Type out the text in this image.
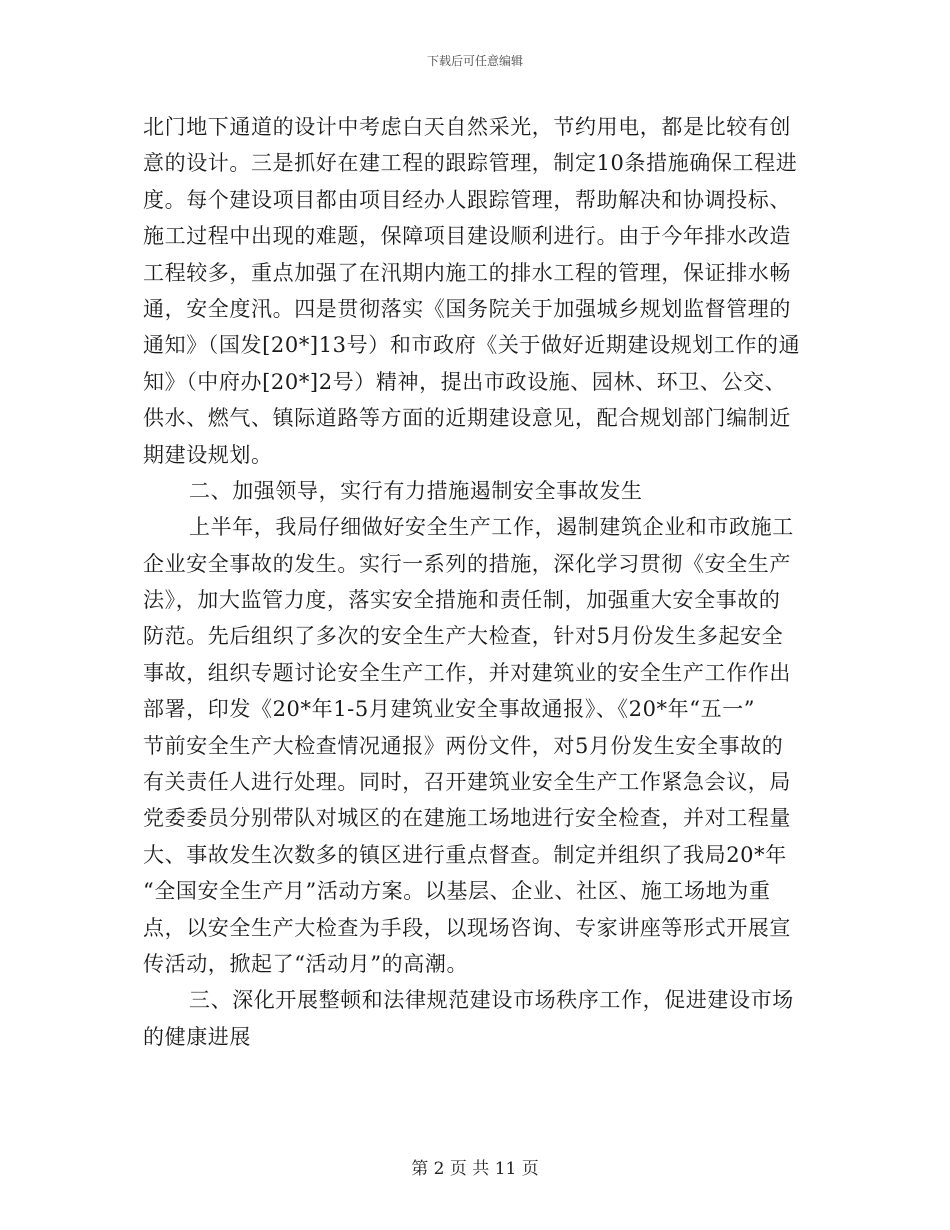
下载后可任意编辑
北门地下通道的设计中考虑白天自然采光，节约用电，都是比较有创
意的设计。三是抓好在建工程的跟踪管理，制定10条措施确保工程进
度。每个建设项目都由项目经办人跟踪管理，帮助解决和协调投标、
施工过程中出现的难题，保障项目建设顺利进行。由于今年排水改造
工程较多，重点加强了在汛期内施工的排水工程的管理，保证排水畅
通，安全度汛。四是贯彻落实《国务院关于加强城乡规划监督管理的
通知》（国发[20*]13号）和市政府《关于做好近期建设规划工作的通
知》（中府办[20*]2号）精神，提出市政设施、园林、环卫、公交、
供水、燃气、镇际道路等方面的近期建设意见，配合规划部门编制近
期建设规划。
二、加强领导，实行有力措施遏制安全事故发生
上半年，我局仔细做好安全生产工作，遏制建筑企业和市政施工
企业安全事故的发生。实行一系列的措施，深化学习贯彻《安全生产
法》，加大监管力度，落实安全措施和责任制，加强重大安全事故的
防范。先后组织了多次的安全生产大检查，针对5月份发生多起安全
事故，组织专题讨论安全生产工作，并对建筑业的安全生产工作作出
部署，印发《20*年1-5月建筑业安全事故通报》、《20*年“五一”
节前安全生产大检查情况通报》两份文件，对5月份发生安全事故的
有关责任人进行处理。同时，召开建筑业安全生产工作紧急会议，局
党委委员分别带队对城区的在建施工场地进行安全检查，并对工程量
大、事故发生次数多的镇区进行重点督查。制定并组织了我局20*年
“全国安全生产月”活动方案。以基层、企业、社区、施工场地为重
点，以安全生产大检查为手段，以现场咨询、专家讲座等形式开展宣
传活动，掀起了“活动月”的高潮。
三、深化开展整顿和法律规范建设市场秩序工作，促进建设市场
的健康进展
第 2 页 共 11 页
